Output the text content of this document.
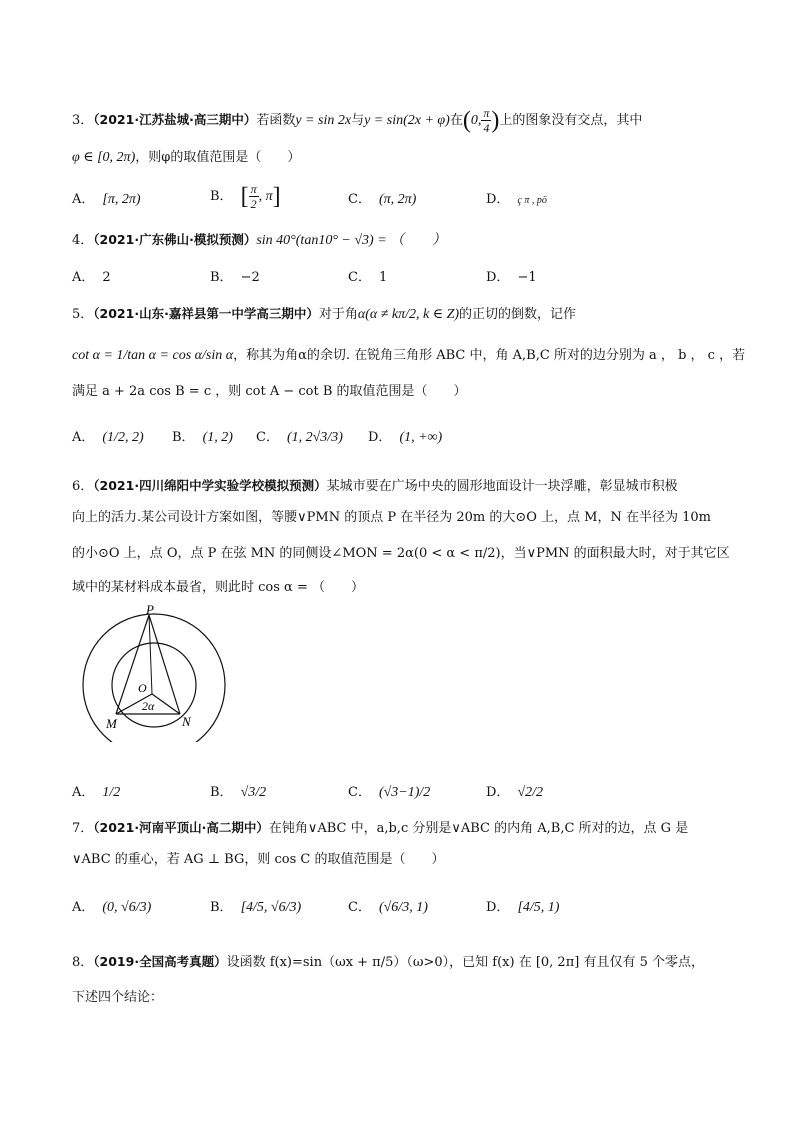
3．（2021·江苏盐城·高三期中）若函数y = sin 2x与y = sin(2x + φ)在(0, $\frac{\pi}{4}$ )上的图象没有交点，其中
φ ∈ [0, 2π)，则φ的取值范围是（　　）
A． [π, 2π)	B． [ $\frac{\pi}{2}$ , π]	C． (π, 2π)	D． ç π , pö
4．（2021·广东佛山·模拟预测）sin 40°(tan10° − √3) = （　　）
A． 2	B． −2	C． 1	D． −1
5．（2021·山东·嘉祥县第一中学高三期中）对于角α(α ≠ kπ/2, k ∈ Z)的正切的倒数，记作
cot α = 1/tan α = cos α/sin α，称其为角α的余切. 在锐角三角形 ABC 中，角 A,B,C 所对的边分别为 a ， b ， c ，若
满足 a + 2a cos B = c ，则 cot A − cot B 的取值范围是（　　）
A． (1/2, 2) B． (1, 2) C． (1, 2√3/3) D． (1, +∞)
6．（2021·四川绵阳中学实验学校模拟预测）某城市要在广场中央的圆形地面设计一块浮雕，彰显城市积极
向上的活力.某公司设计方案如图，等腰∨PMN 的顶点 P 在半径为 20m 的大⊙O 上，点 M，N 在半径为 10m
的小⊙O 上，点 O，点 P 在弦 MN 的同侧设∠MON = 2α(0 < α < π/2)，当∨PMN 的面积最大时，对于其它区
域中的某材料成本最省，则此时 cos α = （　　）
P
O
M	N
2α
A． 1/2	B． √3/2	C． (√3−1)/2	D． √2/2
7．（2021·河南平顶山·高二期中）在钝角∨ABC 中，a,b,c 分别是∨ABC 的内角 A,B,C 所对的边，点 G 是
∨ABC 的重心，若 AG ⊥ BG，则 cos C 的取值范围是（　　）
A． (0, √6/3)	B． [4/5, √6/3)	C． (√6/3, 1)	D． [4/5, 1)
8．（2019·全国高考真题）设函数 f(x)=sin（ωx + π/5）（ω>0），已知 f(x) 在 [0, 2π] 有且仅有 5 个零点，
下述四个结论：
